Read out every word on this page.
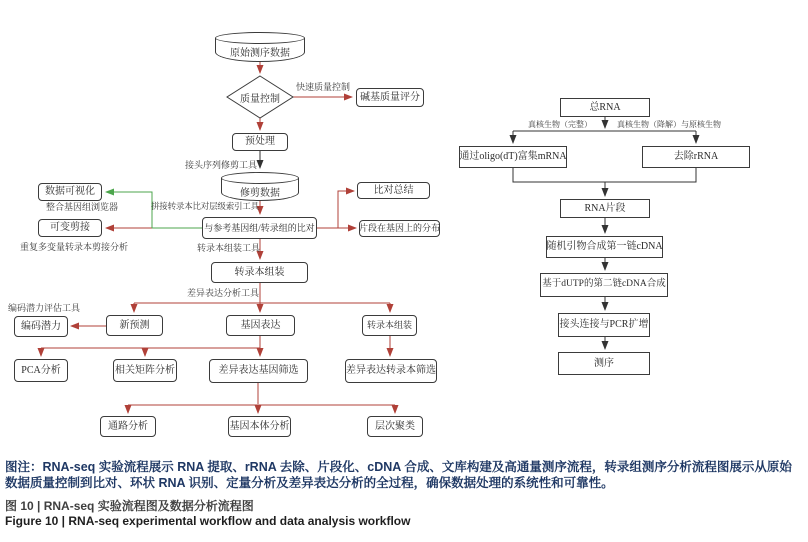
原始测序数据
质量控制	碱基质量评分
预处理
修剪数据
与参考基因组/转录组的比对
数据可视化
可变剪接
比对总结
片段在基因上的分布
转录本组装
新预测
编码潜力	基因表达	转录本组装
PCA分析	相关矩阵分析	差异表达基因筛选	差异表达转录本筛选
通路分析	基因本体分析	层次聚类
快速质量控制
接头序列修剪工具
拼接转录本比对层级索引工具
整合基因组浏览器
重复多变量转录本剪接分析	转录本组装工具
差异表达分析工具
编码潜力评估工具
总RNA
通过oligo(dT)富集mRNA	去除rRNA
RNA片段
随机引物合成第一链cDNA
基于dUTP的第二链cDNA合成
接头连接与PCR扩增
测序
真核生物（完整）	真核生物（降解）与原核生物
图注：RNA-seq 实验流程展示 RNA 提取、rRNA 去除、片段化、cDNA 合成、文库构建及高通量测序流程，转录组测序分析流程图展示从原始数据质量控制到比对、环状 RNA 识别、定量分析及差异表达分析的全过程，确保数据处理的系统性和可靠性。
图 10 | RNA-seq 实验流程图及数据分析流程图
Figure 10 | RNA-seq experimental workflow and data analysis workflow
